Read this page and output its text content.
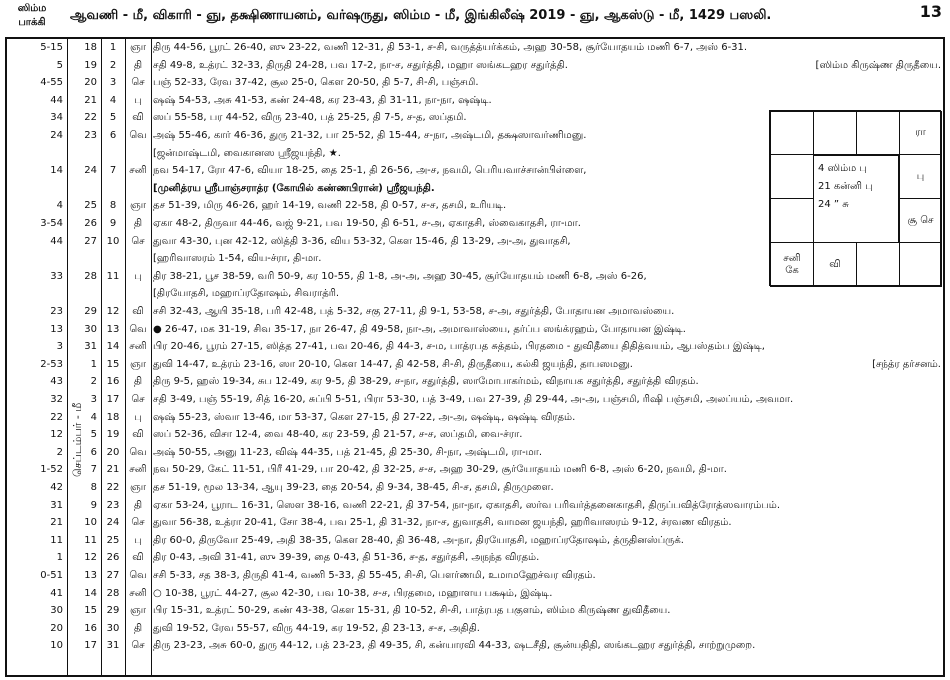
ஸிம்ம
பாக்கி	ஆவணி - மீ, விகாரி - ஞு, தக்ஷிணாயனம், வர்ஷருது, ஸிம்ம - மீ, இங்கிலீஷ் 2019 - ஞு, ஆகஸ்டு - மீ, 1429 பஸலி.	13
செப்டம்பர் - மீ
5-15	18	1	ஞா திரு 44-56, பூரட் 26-40, ஸு 23-22, வணி 12-31, தி 53-1, ச-சி, வருத்த்யர்க்கம், அஹ 30-58, சூர்யோதயம் மணி 6-7, அஸ் 6-31.
5	19	2	தி	சதி 49-8, உத்ரட் 32-33, திருதி 24-28, பவ 17-2, நா-ச, சதுர்த்தி, மஹா ஸங்கடஹர சதுர்த்தி.	[ஸிம்ம கிருஷ்ண திருதீயை.
4-55	20	3	செ பஞ் 52-33, ரேவ 37-42, சூல 25-0, கௌ 20-50, தி 5-7, சி-சி, பஞ்சமி.
44	21	4	பு	ஷஷ் 54-53, அசு 41-53, கண் 24-48, கர 23-43, தி 31-11, நா-நா, ஷஷ்டி.
34	22	5	வி ஸப் 55-58, பர 44-52, விரு 23-40, பத் 25-25, தி 7-5, ச-த, ஸப்தமி.
24	23	6	வெ அஷ் 55-46, கார் 46-36, துரு 21-32, பா 25-52, தி 15-44, ச-நா, அஷ்டமி, தக்ஷஸாவர்ணிமனு.
[ஜன்மாஷ்டமி, வைகானஸ ஸ்ரீஜயந்தி, ★.
14	24	7	சனி நவ 54-17, ரோ 47-6, வியா 18-25, தை 25-1, தி 26-56, அ-ச, நவமி, பெரியவாச்சான்பிள்ளை,
[முனித்ரய ஸ்ரீபாஞ்சராத்ர (கோயில் கண்ணபிரான்) ஸ்ரீஜயந்தி.
4	25	8	ஞா தச 51-39, மிரு 46-26, ஹர் 14-19, வணி 22-58, தி 0-57, ச-ச, தசமி, உரியடி.
3-54	26	9	தி	ஏகா 48-2, திருவா 44-46, வஜ் 9-21, பவ 19-50, தி 6-51, ச-அ, ஏகாதசி, ஸ்வைகாதசி, ரா-மா.
44	27 10	செ துவா 43-30, புன 42-12, ஸித்தி 3-36, விய 53-32, கௌ 15-46, தி 13-29, அ-அ, துவாதசி,
[ஹரிவாஸரம் 1-54, விய-ச்ரா, தி-மா.
33	28 11	பு	திர 38-21, பூச 38-59, வரி 50-9, கர 10-55, தி 1-8, அ-அ, அஹ 30-45, சூர்யோதயம் மணி 6-8, அஸ் 6-26,
[திரயோதசி, மஹாப்ரதோஷம், சிவராத்ரி.
23	29 12	வி சசி 32-43, ஆயி 35-18, பரி 42-48, பத் 5-32, சகு 27-11, தி 9-1, 53-58, ச-அ, சதுர்த்தி, போதாயன அமாவஸ்யை.
13	30 13 வெ ● 26-47, மக 31-19, சிவ 35-17, நா 26-47, தி 49-58, நா-அ, அமாவாஸ்யை, தர்ப்ப ஸங்க்ரஹம், போதாயன இஷ்டி.
3	31 14 சனி பிர 20-46, பூரம் 27-15, ஸித்த 27-41, பவ 20-46, தி 44-3, ச-ம, பாத்ரபத சுத்தம், பிரதமை - துவிதீயை திதித்வயம், ஆபஸ்தம்ப இஷ்டி,
2-53	1 15	ஞா துவி 14-47, உத்ரம் 23-16, ஸா 20-10, கௌ 14-47, தி 42-58, சி-சி, திருதீயை, கல்கி ஜயந்தி, தாபஸமனு.	[சந்த்ர தர்சனம்.
43	2 16	தி	திரு 9-5, ஹஸ் 19-34, சுப 12-49, கர 9-5, தி 38-29, ச-நா, சதுர்த்தி, ஸாமோபாகர்மம், விநாயக சதுர்த்தி, சதுர்த்தி விரதம்.
32	3 17	செ சதி 3-49, பஞ் 55-19, சித் 16-20, சுப்பி 5-51, பிரா 53-30, பத் 3-49, பவ 27-39, தி 29-44, அ-அ, பஞ்சமி, ரிஷி பஞ்சமி, அலப்யம், அவமா.
22	4 18	பு	ஷஷ் 55-23, ஸ்வா 13-46, மா 53-37, கௌ 27-15, தி 27-22, அ-அ, ஷஷ்டி, ஷஷ்டி விரதம்.
12	5 19	வி ஸப் 52-36, விசா 12-4, வை 48-40, கர 23-59, தி 21-57, ச-ச, ஸப்தமி, வை-ச்ரா.
2	6 20 வெ அஷ் 50-55, அனு 11-23, விஷ் 44-35, பத் 21-45, தி 25-30, சி-நா, அஷ்டமி, ரா-மா.
1-52	7 21 சனி நவ 50-29, கேட் 11-51, பிரீ 41-29, பா 20-42, தி 32-25, ச-ச, அஹ 30-29, சூர்யோதயம் மணி 6-8, அஸ் 6-20, நவமி, தி-மா.
42	8 22	ஞா தச 51-19, மூல 13-34, ஆயு 39-23, தை 20-54, தி 9-34, 38-45, சி-ச, தசமி, திருமுளை.
31	9 23	தி	ஏகா 53-24, பூராட 16-31, ஸௌ 38-16, வணி 22-21, தி 37-54, நா-நா, ஏகாதசி, ஸர்வ பரிவர்த்தனைகாதசி, திருப்பவித்ரோத்ஸவாரம்பம்.
21	10 24	செ துவா 56-38, உத்ரா 20-41, சோ 38-4, பவ 25-1, தி 31-32, நா-ச, துவாதசி, வாமன ஜயந்தி, ஹரிவாஸரம் 9-12, ச்ரவண விரதம்.
11	11 25	பு	திர 60-0, திருவோ 25-49, அதி 38-35, கௌ 28-40, தி 36-48, அ-நா, திரயோதசி, மஹாப்ரதோஷம், த்ருதினஸ்ப்ருக்.
1	12 26	வி திர 0-43, அவி 31-41, ஸு 39-39, தை 0-43, தி 51-36, ச-த, சதுர்தசி, அநந்த விரதம்.
0-51	13 27 வெ சசி 5-33, சத 38-3, திருதி 41-4, வணி 5-33, தி 55-45, சி-சி, பௌர்ணமி, உமாமஹேச்வர விரதம்.
41	14 28 சனி ○ 10-38, பூரட் 44-27, சூல 42-30, பவ 10-38, ச-ச, பிரதமை, மஹாளய பக்ஷம், இஷ்டி.
30	15 29	ஞா பிர 15-31, உத்ரட் 50-29, கண் 43-38, கௌ 15-31, தி 10-52, சி-சி, பாத்ரபத பகுளம், ஸிம்ம கிருஷ்ண துவிதீயை.
20	16 30	தி	துவி 19-52, ரேவ 55-57, விரு 44-19, கர 19-52, தி 23-13, ச-ச, அதிதி.
10	17 31	செ திரு 23-23, அசு 60-0, துரு 44-12, பத் 23-23, தி 49-35, சி, கன்யாரவி 44-33, ஷடசீதி, சூன்யதிதி, ஸங்கடஹர சதுர்த்தி, சாற்றுமுறை.
ரா
பு
சூ செ
சனி
கே
வி
4 ஸிம்ம பு
21 கன்னி பு
24 ” சு
